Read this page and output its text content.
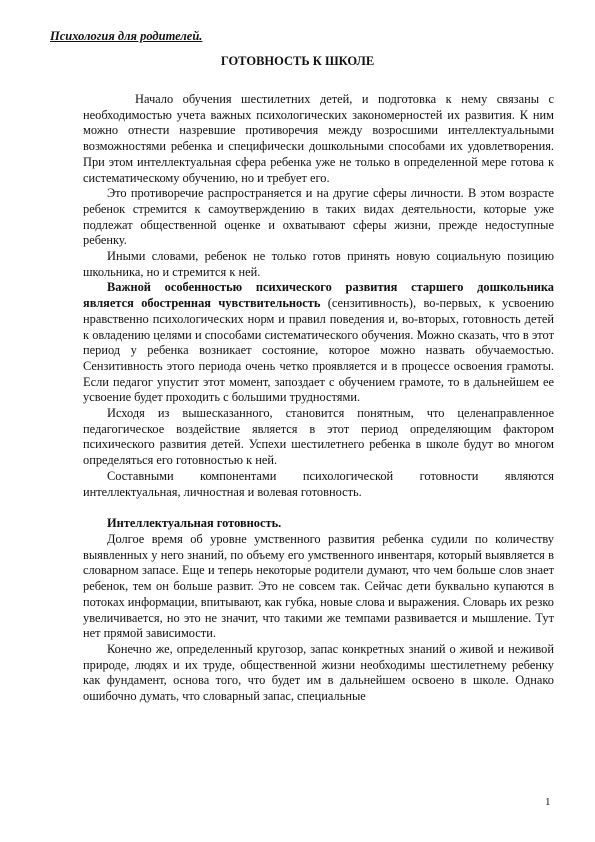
Психология для родителей.
ГОТОВНОСТЬ К ШКОЛЕ

Начало обучения шестилетних детей, и подготовка к нему связаны с необходимостью учета важных психологических закономерностей их развития. К ним можно отнести назревшие противоречия между возросшими интеллектуальными возможностями ребенка и специфически дошкольными способами их удовлетворения. При этом интеллектуальная сфера ребенка уже не только в определенной мере готова к систематическому обучению, но и требует его.

Это противоречие распространяется и на другие сферы личности. В этом возрасте ребенок стремится к самоутверждению в таких видах деятельности, которые уже подлежат общественной оценке и охватывают сферы жизни, прежде недоступные ребенку.

Иными словами, ребенок не только готов принять новую социальную позицию школьника, но и стремится к ней.

Важной особенностью психического развития старшего дошкольника является обостренная чувствительность (сензитивность), во-первых, к усвоению нравственно психологических норм и правил поведения и, во-вторых, готовность детей к овладению целями и способами систематического обучения. Можно сказать, что в этот период у ребенка возникает состояние, которое можно назвать обучаемостью. Сензитивность этого периода очень четко проявляется и в процессе освоения грамоты. Если педагог упустит этот момент, запоздает с обучением грамоте, то в дальнейшем ее усвоение будет проходить с большими трудностями.

Исходя из вышесказанного, становится понятным, что целенаправленное педагогическое воздействие является в этот период определяющим фактором психического развития детей. Успехи шестилетнего ребенка в школе будут во многом определяться его готовностью к ней.

Составными компонентами психологической готовности являются интеллектуальная, личностная и волевая готовность.

Интеллектуальная готовность.

Долгое время об уровне умственного развития ребенка судили по количеству выявленных у него знаний, по объему его умственного инвентаря, который выявляется в словарном запасе. Еще и теперь некоторые родители думают, что чем больше слов знает ребенок, тем он больше развит. Это не совсем так. Сейчас дети буквально купаются в потоках информации, впитывают, как губка, новые слова и выражения. Словарь их резко увеличивается, но это не значит, что такими же темпами развивается и мышление. Тут нет прямой зависимости.

Конечно же, определенный кругозор, запас конкретных знаний о живой и неживой природе, людях и их труде, общественной жизни необходимы шестилетнему ребенку как фундамент, основа того, что будет им в дальнейшем освоено в школе. Однако ошибочно думать, что словарный запас, специальные

1
